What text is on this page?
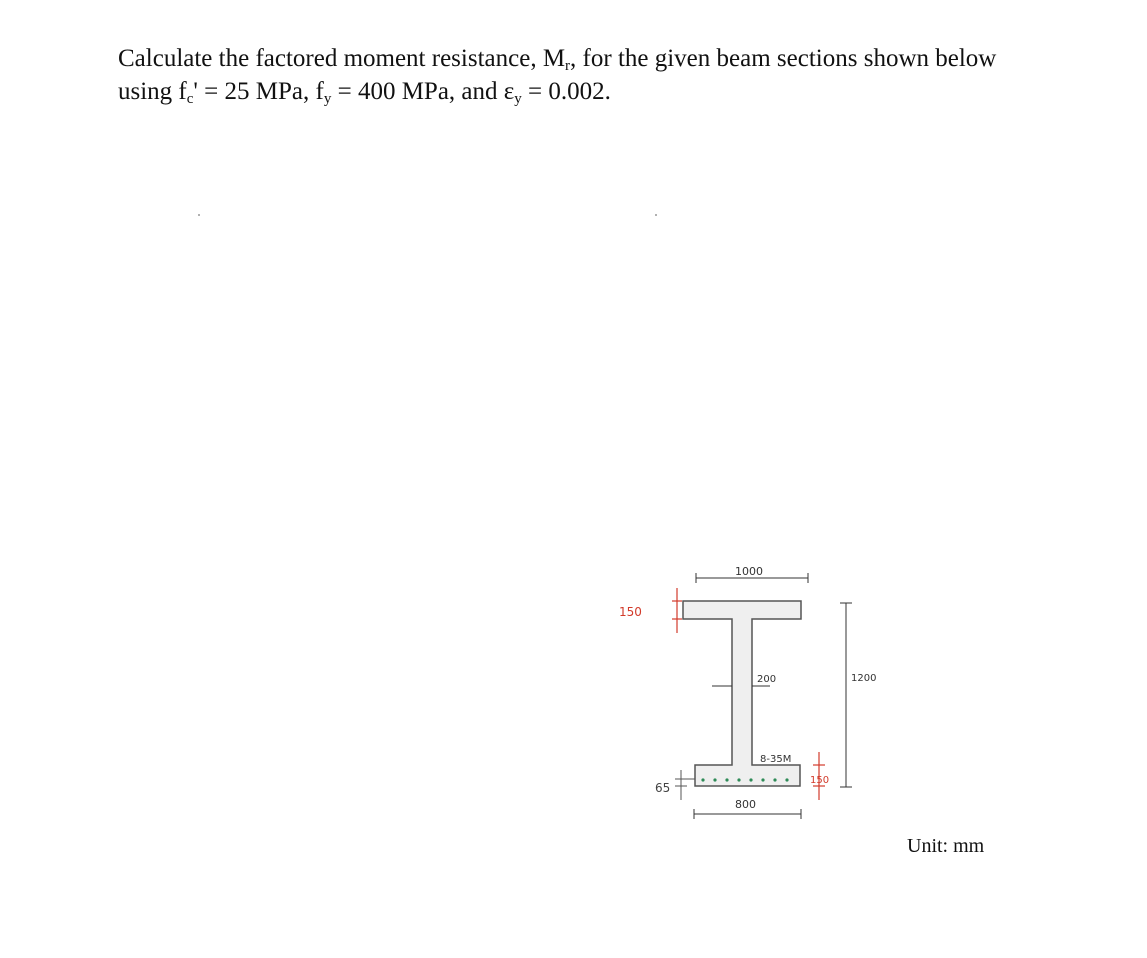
Calculate the factored moment resistance, $M_r$, for the given beam sections shown below
using $f_c' = 25$ MPa, $f_y = 400$ MPa, and $\varepsilon_y = 0.002$.

1000
150
200	1200
8-35M
150
800
65
Unit: mm
